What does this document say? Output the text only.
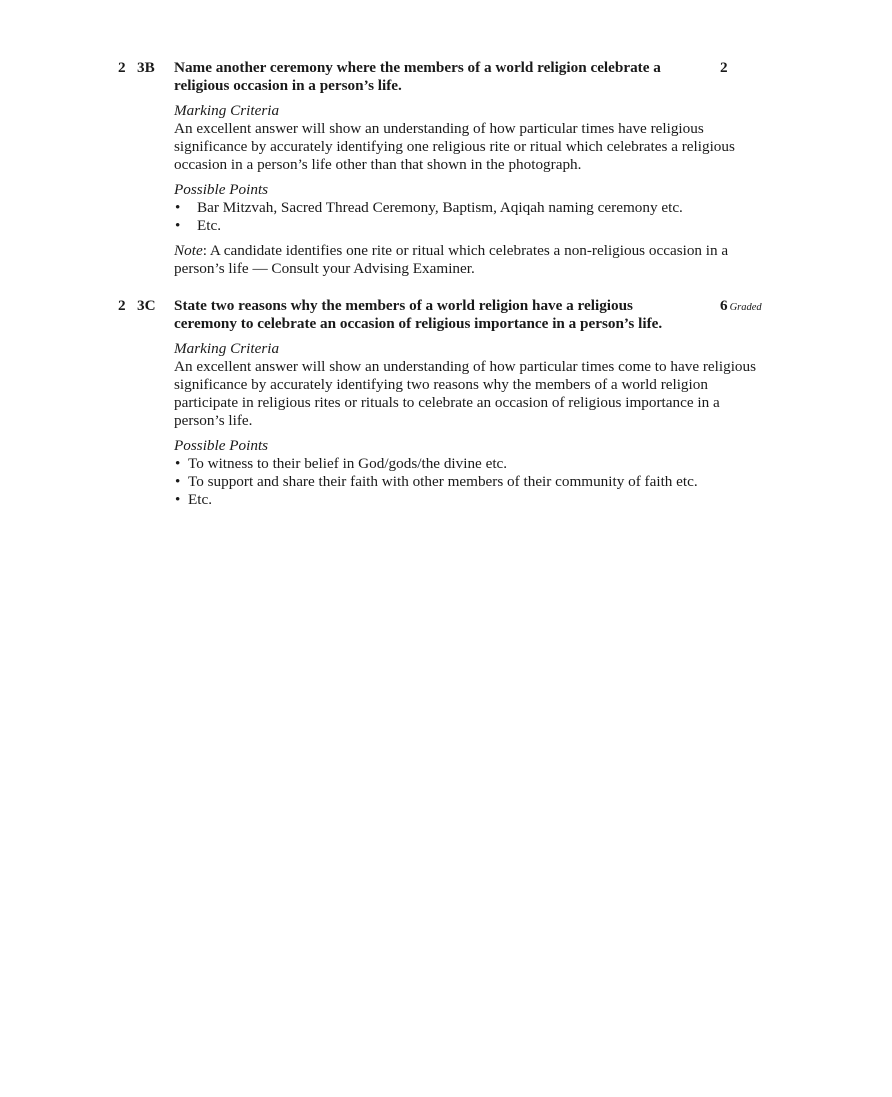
2 3B	2

Name another ceremony where the members of a world religion celebrate a
religious occasion in a person’s life.

Marking Criteria

An excellent answer will show an understanding of how particular times have religious
significance by accurately identifying one religious rite or ritual which celebrates a religious
occasion in a person’s life other than that shown in the photograph.

Possible Points

• Bar Mitzvah, Sacred Thread Ceremony, Baptism, Aqiqah naming ceremony etc.
• Etc.

Note: A candidate identifies one rite or ritual which celebrates a non-religious occasion in a
person’s life — Consult your Advising Examiner.

2 3C	6 Graded

State two reasons why the members of a world religion have a religious
ceremony to celebrate an occasion of religious importance in a person’s life.

Marking Criteria

An excellent answer will show an understanding of how particular times come to have religious
significance by accurately identifying two reasons why the members of a world religion
participate in religious rites or rituals to celebrate an occasion of religious importance in a
person’s life.

Possible Points

• To witness to their belief in God/gods/the divine etc.
• To support and share their faith with other members of their community of faith etc.
• Etc.
